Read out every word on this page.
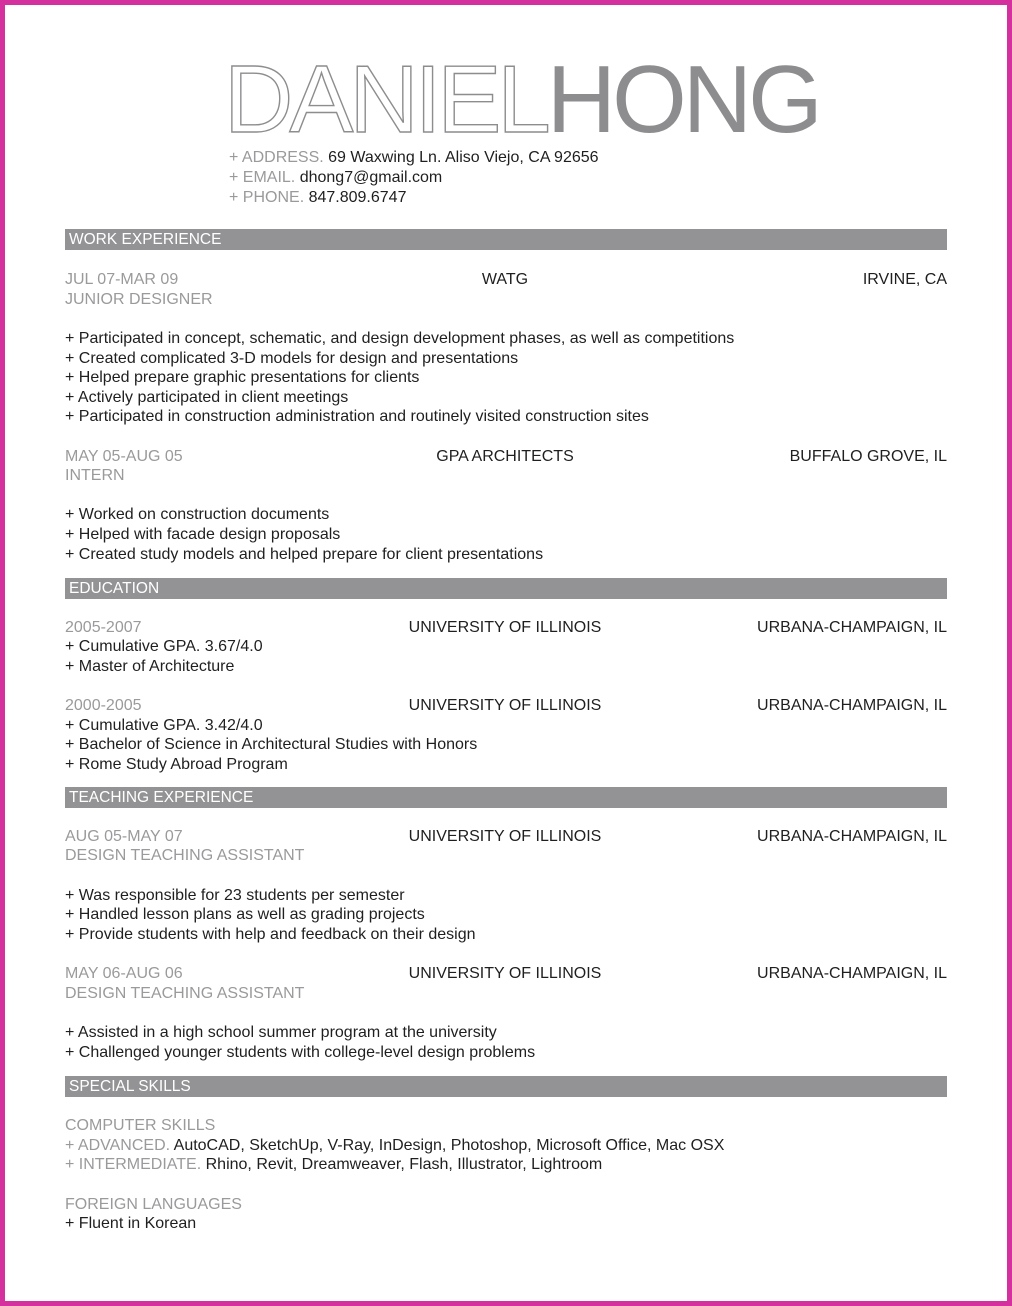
DANIELHONG
+ ADDRESS. 69 Waxwing Ln. Aliso Viejo, CA 92656
+ EMAIL. dhong7@gmail.com
+ PHONE. 847.809.6747
WORK EXPERIENCE
JUL 07-MAR 09	WATG	IRVINE, CA
JUNIOR DESIGNER
+ Participated in concept, schematic, and design development phases, as well as competitions
+ Created complicated 3-D models for design and presentations
+ Helped prepare graphic presentations for clients
+ Actively participated in client meetings
+ Participated in construction administration and routinely visited construction sites
MAY 05-AUG 05	GPA ARCHITECTS	BUFFALO GROVE, IL
INTERN
+ Worked on construction documents
+ Helped with facade design proposals
+ Created study models and helped prepare for client presentations
EDUCATION
2005-2007	UNIVERSITY OF ILLINOIS	URBANA-CHAMPAIGN, IL
+ Cumulative GPA. 3.67/4.0
+ Master of Architecture
2000-2005	UNIVERSITY OF ILLINOIS	URBANA-CHAMPAIGN, IL
+ Cumulative GPA. 3.42/4.0
+ Bachelor of Science in Architectural Studies with Honors
+ Rome Study Abroad Program
TEACHING EXPERIENCE
AUG 05-MAY 07	UNIVERSITY OF ILLINOIS	URBANA-CHAMPAIGN, IL
DESIGN TEACHING ASSISTANT
+ Was responsible for 23 students per semester
+ Handled lesson plans as well as grading projects
+ Provide students with help and feedback on their design
MAY 06-AUG 06	UNIVERSITY OF ILLINOIS	URBANA-CHAMPAIGN, IL
DESIGN TEACHING ASSISTANT
+ Assisted in a high school summer program at the university
+ Challenged younger students with college-level design problems
SPECIAL SKILLS
COMPUTER SKILLS
+ ADVANCED. AutoCAD, SketchUp, V-Ray, InDesign, Photoshop, Microsoft Office, Mac OSX
+ INTERMEDIATE. Rhino, Revit, Dreamweaver, Flash, Illustrator, Lightroom
FOREIGN LANGUAGES
+ Fluent in Korean
